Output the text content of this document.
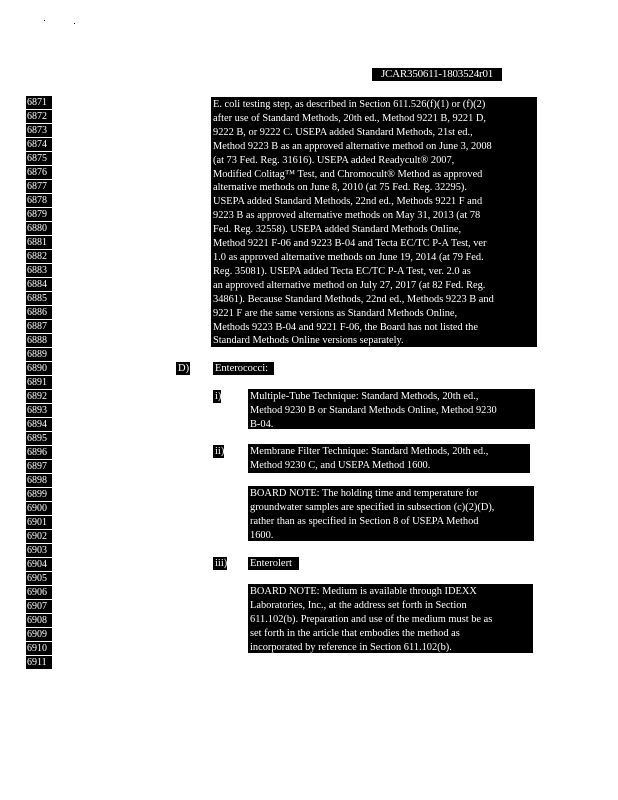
JCAR350611-1803524r01
6871
6872
6873
6874
6875
6876
6877
6878
6879
6880
6881
6882
6883
6884
6885
6886
6887
6888
6889
6890
6891
6892
6893
6894
6895
6896
6897
6898
6899
6900
6901
6902
6903
6904
6905
6906
6907
6908
6909
6910
6911

E. coli testing step, as described in Section 611.526(f)(1) or (f)(2)

after use of Standard Methods, 20th ed., Method 9221 B, 9221 D,

9222 B, or 9222 C. USEPA added Standard Methods, 21st ed.,

Method 9223 B as an approved alternative method on June 3, 2008

(at 73 Fed. Reg. 31616). USEPA added Readycult® 2007,

Modified Colitag™ Test, and Chromocult® Method as approved

alternative methods on June 8, 2010 (at 75 Fed. Reg. 32295).

USEPA added Standard Methods, 22nd ed., Methods 9221 F and

9223 B as approved alternative methods on May 31, 2013 (at 78

Fed. Reg. 32558). USEPA added Standard Methods Online,

Method 9221 F-06 and 9223 B-04 and Tecta EC/TC P-A Test, ver

1.0 as approved alternative methods on June 19, 2014 (at 79 Fed.

Reg. 35081). USEPA added Tecta EC/TC P-A Test, ver. 2.0 as

an approved alternative method on July 27, 2017 (at 82 Fed. Reg.

34861). Because Standard Methods, 22nd ed., Methods 9223 B and

9221 F are the same versions as Standard Methods Online,

Methods 9223 B-04 and 9221 F-06, the Board has not listed the

Standard Methods Online versions separately.

D) Enterococci:
i)	Multiple-Tube Technique: Standard Methods, 20th ed.,

Method 9230 B or Standard Methods Online, Method 9230

B-04.

ii) Membrane Filter Technique: Standard Methods, 20th ed.,

Method 9230 C, and USEPA Method 1600.

BOARD NOTE: The holding time and temperature for

groundwater samples are specified in subsection (c)(2)(D),

rather than as specified in Section 8 of USEPA Method

1600.

iii) Enterolert

BOARD NOTE: Medium is available through IDEXX

Laboratories, Inc., at the address set forth in Section

611.102(b). Preparation and use of the medium must be as

set forth in the article that embodies the method as

incorporated by reference in Section 611.102(b).
